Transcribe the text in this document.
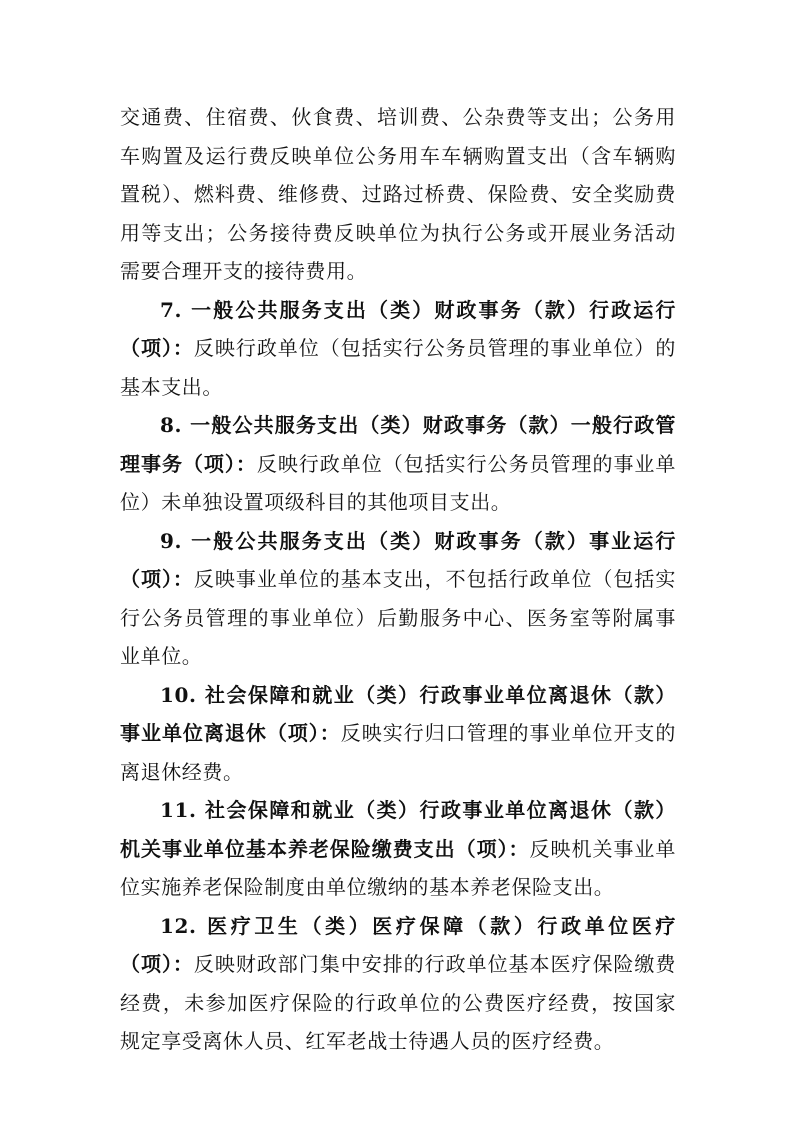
交通费、住宿费、伙食费、培训费、公杂费等支出；公务用车购置及运行费反映单位公务用车车辆购置支出（含车辆购置税）、燃料费、维修费、过路过桥费、保险费、安全奖励费用等支出；公务接待费反映单位为执行公务或开展业务活动需要合理开支的接待费用。

7. 一般公共服务支出（类）财政事务（款）行政运行（项）：反映行政单位（包括实行公务员管理的事业单位）的基本支出。

8. 一般公共服务支出（类）财政事务（款）一般行政管理事务（项）：反映行政单位（包括实行公务员管理的事业单位）未单独设置项级科目的其他项目支出。

9. 一般公共服务支出（类）财政事务（款）事业运行（项）：反映事业单位的基本支出，不包括行政单位（包括实行公务员管理的事业单位）后勤服务中心、医务室等附属事业单位。

10. 社会保障和就业（类）行政事业单位离退休（款）事业单位离退休（项）：反映实行归口管理的事业单位开支的离退休经费。

11. 社会保障和就业（类）行政事业单位离退休（款）机关事业单位基本养老保险缴费支出（项）：反映机关事业单位实施养老保险制度由单位缴纳的基本养老保险支出。

12. 医疗卫生（类）医疗保障（款）行政单位医疗（项）：反映财政部门集中安排的行政单位基本医疗保险缴费经费，未参加医疗保险的行政单位的公费医疗经费，按国家规定享受离休人员、红军老战士待遇人员的医疗经费。
